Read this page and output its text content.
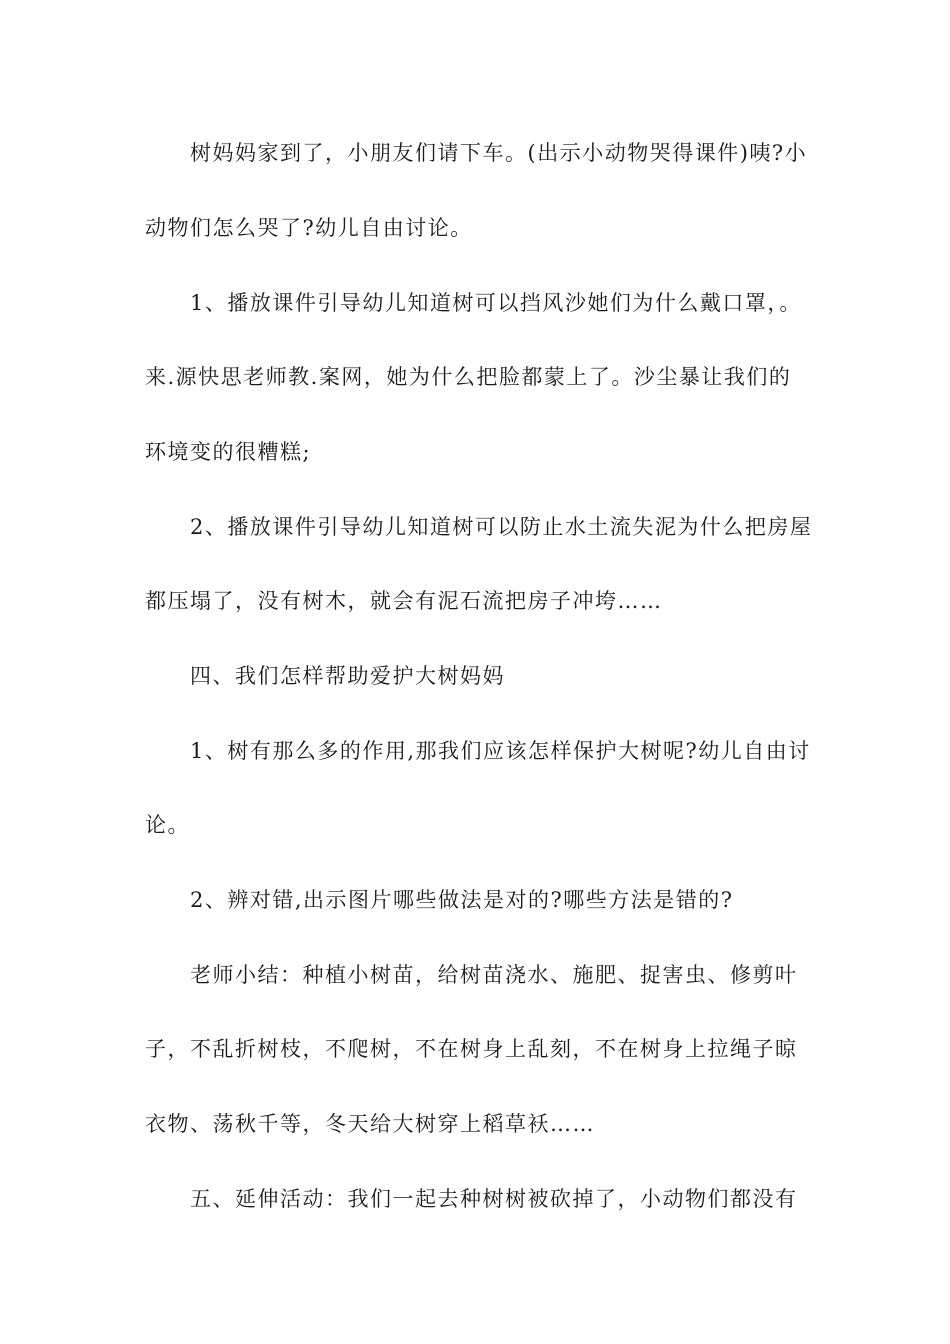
树妈妈家到了，小朋友们请下车。(出示小动物哭得课件)咦?小
动物们怎么哭了?幼儿自由讨论。
1、播放课件引导幼儿知道树可以挡风沙她们为什么戴口罩，。
来.源快思老师教.案网，她为什么把脸都蒙上了。沙尘暴让我们的
环境变的很糟糕;
2、播放课件引导幼儿知道树可以防止水土流失泥为什么把房屋
都压塌了，没有树木，就会有泥石流把房子冲垮……
四、我们怎样帮助爱护大树妈妈
1、树有那么多的作用,那我们应该怎样保护大树呢?幼儿自由讨
论。
2、辨对错,出示图片哪些做法是对的?哪些方法是错的?
老师小结：种植小树苗，给树苗浇水、施肥、捉害虫、修剪叶
子，不乱折树枝，不爬树，不在树身上乱刻，不在树身上拉绳子晾
衣物、荡秋千等，冬天给大树穿上稻草袄……
五、延伸活动：我们一起去种树树被砍掉了，小动物们都没有
